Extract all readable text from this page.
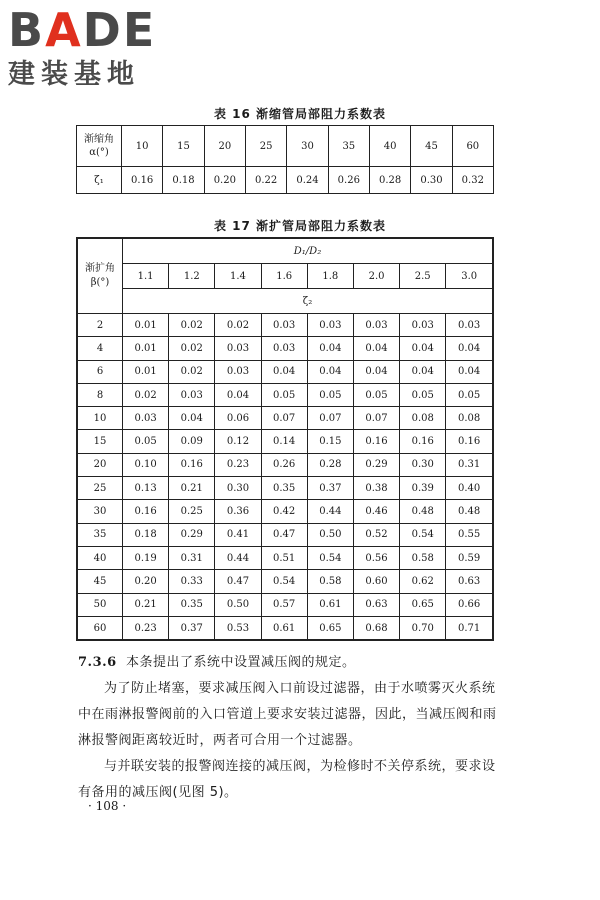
B A DE
建装基地
表 16 渐缩管局部阻力系数表
渐缩角
α(°)	10	15	20	25	30	35	40	45	60
ζ₁	0.16	0.18	0.20	0.22	0.24	0.26	0.28	0.30	0.32
表 17 渐扩管局部阻力系数表
渐扩角
β(°)	D₁/D₂							
	1.1	1.2	1.4	1.6	1.8	2.0	2.5	3.0
	ζ₂							
2	0.01	0.02	0.02	0.03	0.03	0.03	0.03	0.03
4	0.01	0.02	0.03	0.03	0.04	0.04	0.04	0.04
6	0.01	0.02	0.03	0.04	0.04	0.04	0.04	0.04
8	0.02	0.03	0.04	0.05	0.05	0.05	0.05	0.05
10	0.03	0.04	0.06	0.07	0.07	0.07	0.08	0.08
15	0.05	0.09	0.12	0.14	0.15	0.16	0.16	0.16
20	0.10	0.16	0.23	0.26	0.28	0.29	0.30	0.31
25	0.13	0.21	0.30	0.35	0.37	0.38	0.39	0.40
30	0.16	0.25	0.36	0.42	0.44	0.46	0.48	0.48
35	0.18	0.29	0.41	0.47	0.50	0.52	0.54	0.55
40	0.19	0.31	0.44	0.51	0.54	0.56	0.58	0.59
45	0.20	0.33	0.47	0.54	0.58	0.60	0.62	0.63
50	0.21	0.35	0.50	0.57	0.61	0.63	0.65	0.66
60	0.23	0.37	0.53	0.61	0.65	0.68	0.70	0.71
7.3.6 本条提出了系统中设置减压阀的规定。
为了防止堵塞，要求减压阀入口前设过滤器，由于水喷雾灭火系统中在雨淋报警阀前的入口管道上要求安装过滤器，因此，当减压阀和雨淋报警阀距离较近时，两者可合用一个过滤器。
与并联安装的报警阀连接的减压阀，为检修时不关停系统，要求设有备用的减压阀(见图 5)。
· 108 ·
